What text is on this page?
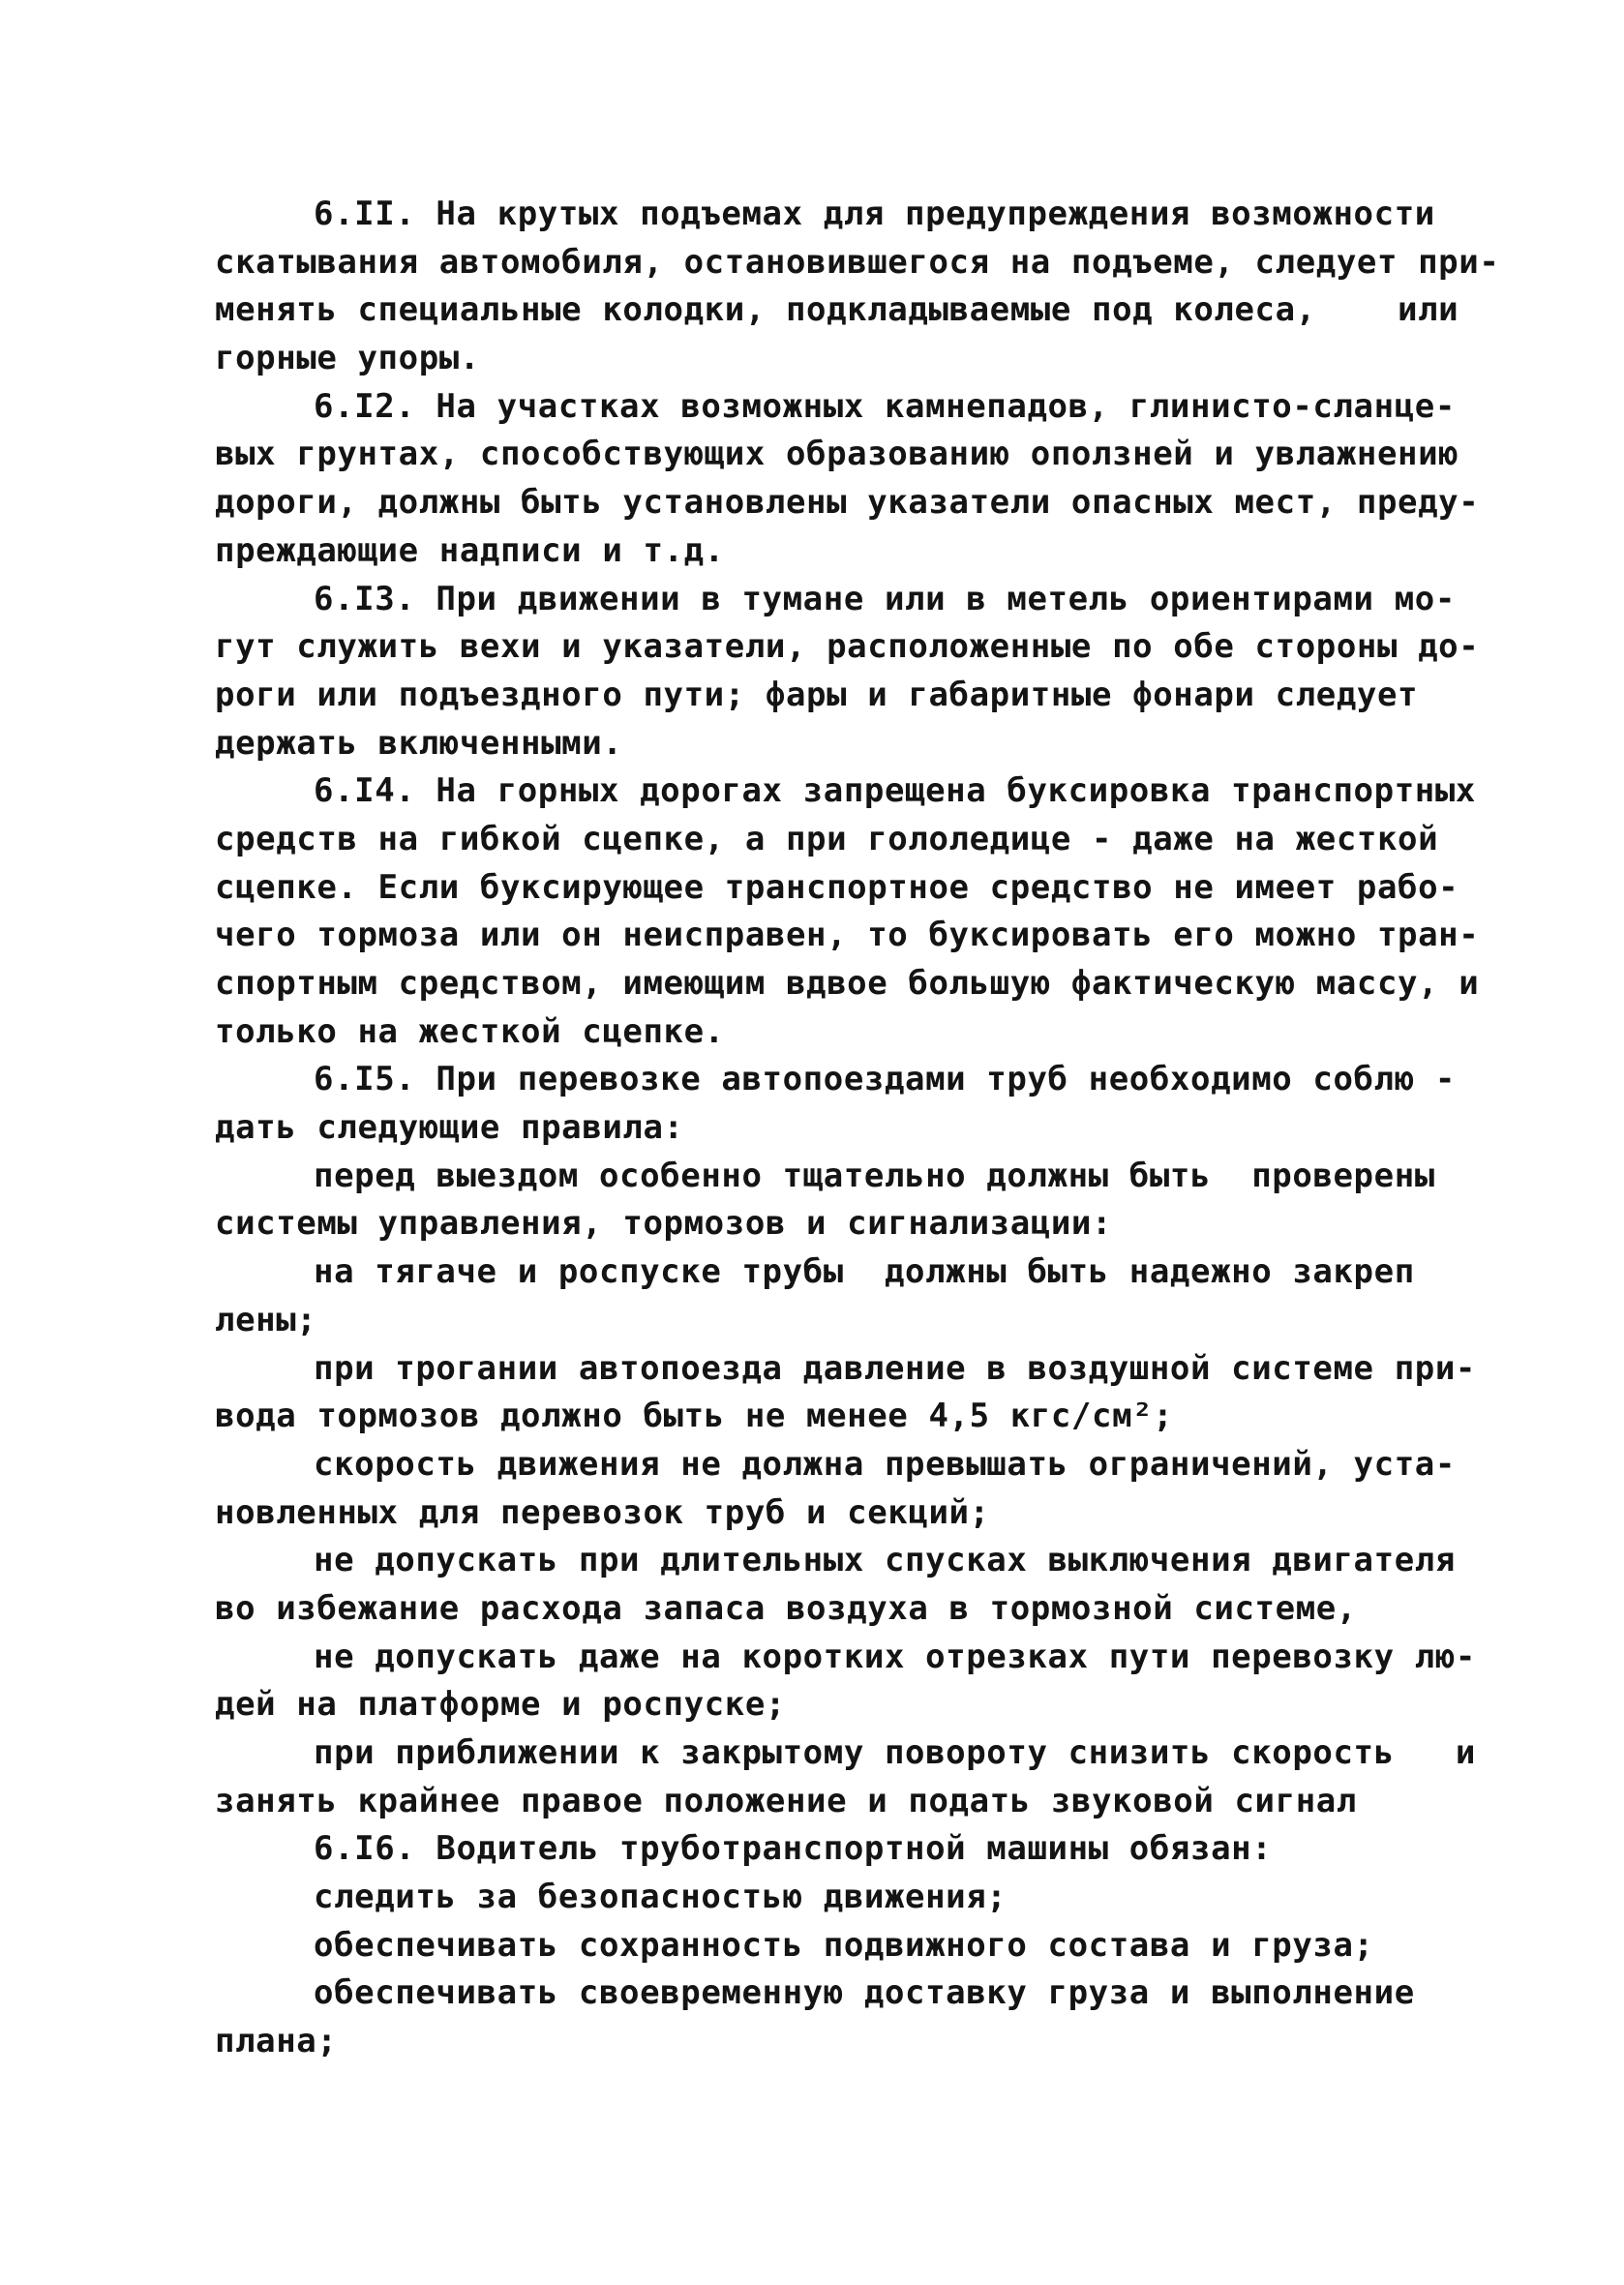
6.II. На крутых подъемах для предупреждения возможности
скатывания автомобиля, остановившегося на подъеме, следует при-
менять специальные колодки, подкладываемые под колеса,    или
горные упоры.
6.I2. На участках возможных камнепадов, глинисто-сланце-
вых грунтах, способствующих образованию оползней и увлажнению
дороги, должны быть установлены указатели опасных мест, преду-
преждающие надписи и т.д.
6.I3. При движении в тумане или в метель ориентирами мо-
гут служить вехи и указатели, расположенные по обе стороны до-
роги или подъездного пути; фары и габаритные фонари следует
держать включенными.
6.I4. На горных дорогах запрещена буксировка транспортных
средств на гибкой сцепке, а при гололедице - даже на жесткой
сцепке. Если буксирующее транспортное средство не имеет рабо-
чего тормоза или он неисправен, то буксировать его можно тран-
спортным средством, имеющим вдвое большую фактическую массу, и
только на жесткой сцепке.
6.I5. При перевозке автопоездами труб необходимо соблю -
дать следующие правила:
перед выездом особенно тщательно должны быть  проверены
системы управления, тормозов и сигнализации:
на тягаче и роспуске трубы  должны быть надежно закреп
лены;
при трогании автопоезда давление в воздушной системе при-
вода тормозов должно быть не менее 4,5 кгс/см²;
скорость движения не должна превышать ограничений, уста-
новленных для перевозок труб и секций;
не допускать при длительных спусках выключения двигателя
во избежание расхода запаса воздуха в тормозной системе,
не допускать даже на коротких отрезках пути перевозку лю-
дей на платформе и роспуске;
при приближении к закрытому повороту снизить скорость   и
занять крайнее правое положение и подать звуковой сигнал
6.I6. Водитель труботранспортной машины обязан:
следить за безопасностью движения;
обеспечивать сохранность подвижного состава и груза;
обеспечивать своевременную доставку груза и выполнение
плана;
